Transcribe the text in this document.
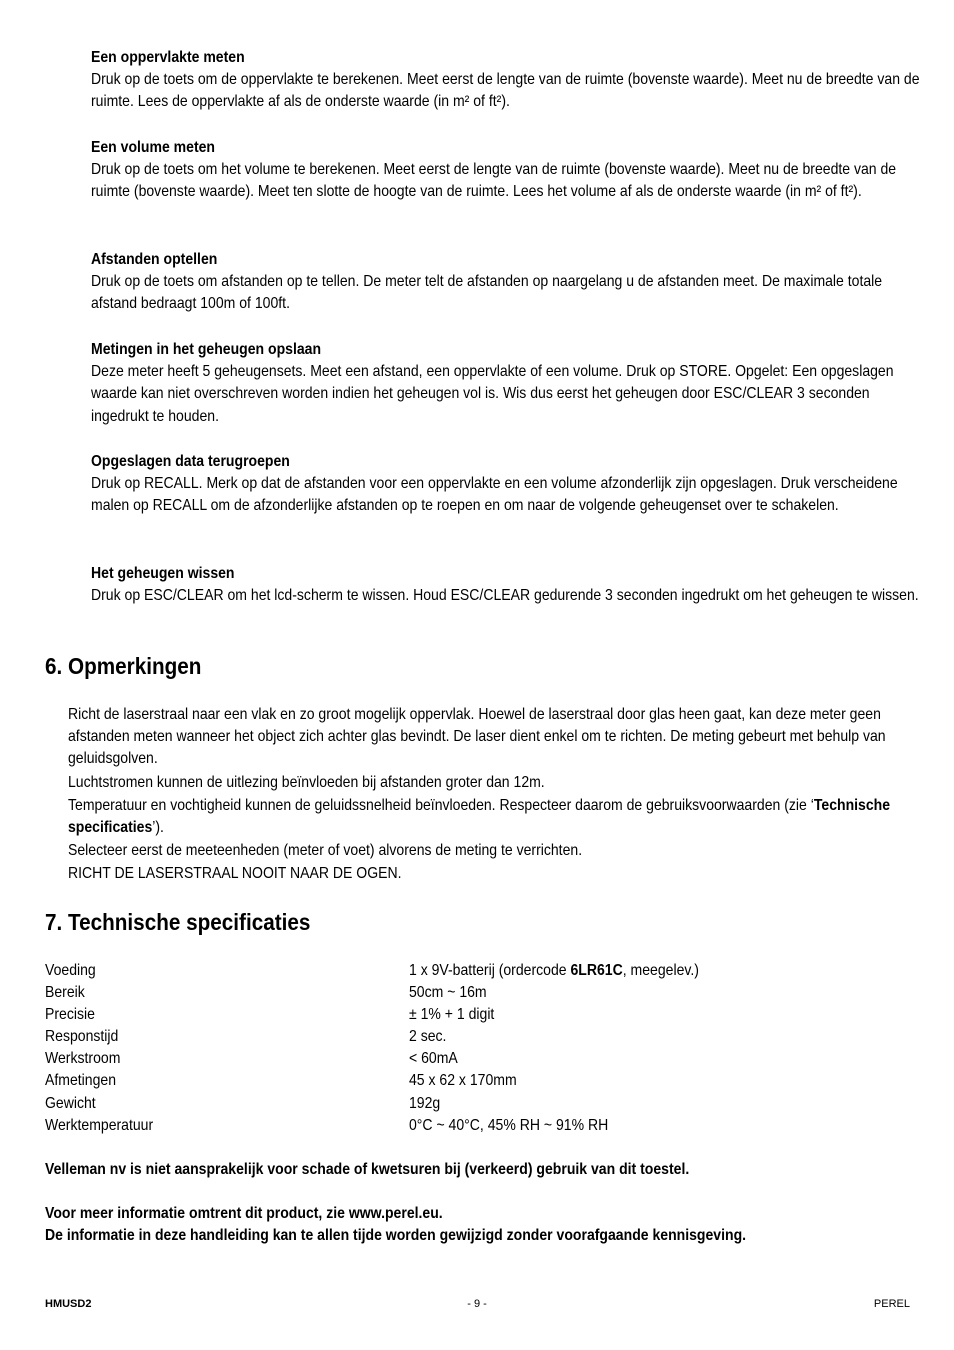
Een oppervlakte meten

Druk op de toets om de oppervlakte te berekenen. Meet eerst de lengte van de ruimte (bovenste waarde). Meet nu de breedte van de ruimte. Lees de oppervlakte af als de onderste waarde (in m² of ft²).

Een volume meten

Druk op de toets om het volume te berekenen. Meet eerst de lengte van de ruimte (bovenste waarde). Meet nu de breedte van de ruimte (bovenste waarde). Meet ten slotte de hoogte van de ruimte. Lees het volume af als de onderste waarde (in m² of ft²).

Afstanden optellen

Druk op de toets om afstanden op te tellen. De meter telt de afstanden op naargelang u de afstanden meet. De maximale totale afstand bedraagt 100m of 100ft.

Metingen in het geheugen opslaan

Deze meter heeft 5 geheugensets. Meet een afstand, een oppervlakte of een volume. Druk op STORE. Opgelet: Een opgeslagen waarde kan niet overschreven worden indien het geheugen vol is. Wis dus eerst het geheugen door ESC/CLEAR 3 seconden ingedrukt te houden.

Opgeslagen data terugroepen

Druk op RECALL. Merk op dat de afstanden voor een oppervlakte en een volume afzonderlijk zijn opgeslagen. Druk verscheidene malen op RECALL om de afzonderlijke afstanden op te roepen en om naar de volgende geheugenset over te schakelen.

Het geheugen wissen

Druk op ESC/CLEAR om het lcd-scherm te wissen. Houd ESC/CLEAR gedurende 3 seconden ingedrukt om het geheugen te wissen.

6. Opmerkingen

Richt de laserstraal naar een vlak en zo groot mogelijk oppervlak. Hoewel de laserstraal door glas heen gaat, kan deze meter geen afstanden meten wanneer het object zich achter glas bevindt. De laser dient enkel om te richten. De meting gebeurt met behulp van geluidsgolven.

Luchtstromen kunnen de uitlezing beïnvloeden bij afstanden groter dan 12m.

Temperatuur en vochtigheid kunnen de geluidssnelheid beïnvloeden. Respecteer daarom de gebruiksvoorwaarden (zie ‘Technische specificaties’).

Selecteer eerst de meeteenheden (meter of voet) alvorens de meting te verrichten.

RICHT DE LASERSTRAAL NOOIT NAAR DE OGEN.

7. Technische specificaties
Voeding	1 x 9V-batterij (ordercode 6LR61C, meegelev.)
Bereik	50cm ~ 16m
Precisie	± 1% + 1 digit
Responstijd	2 sec.
Werkstroom	< 60mA
Afmetingen	45 x 62 x 170mm
Gewicht	192g
Werktemperatuur	0°C ~ 40°C, 45% RH ~ 91% RH
Velleman nv is niet aansprakelijk voor schade of kwetsuren bij (verkeerd) gebruik van dit toestel.
Voor meer informatie omtrent dit product, zie www.perel.eu.
De informatie in deze handleiding kan te allen tijde worden gewijzigd zonder voorafgaande kennisgeving.
HMUSD2	- 9 -	PEREL
